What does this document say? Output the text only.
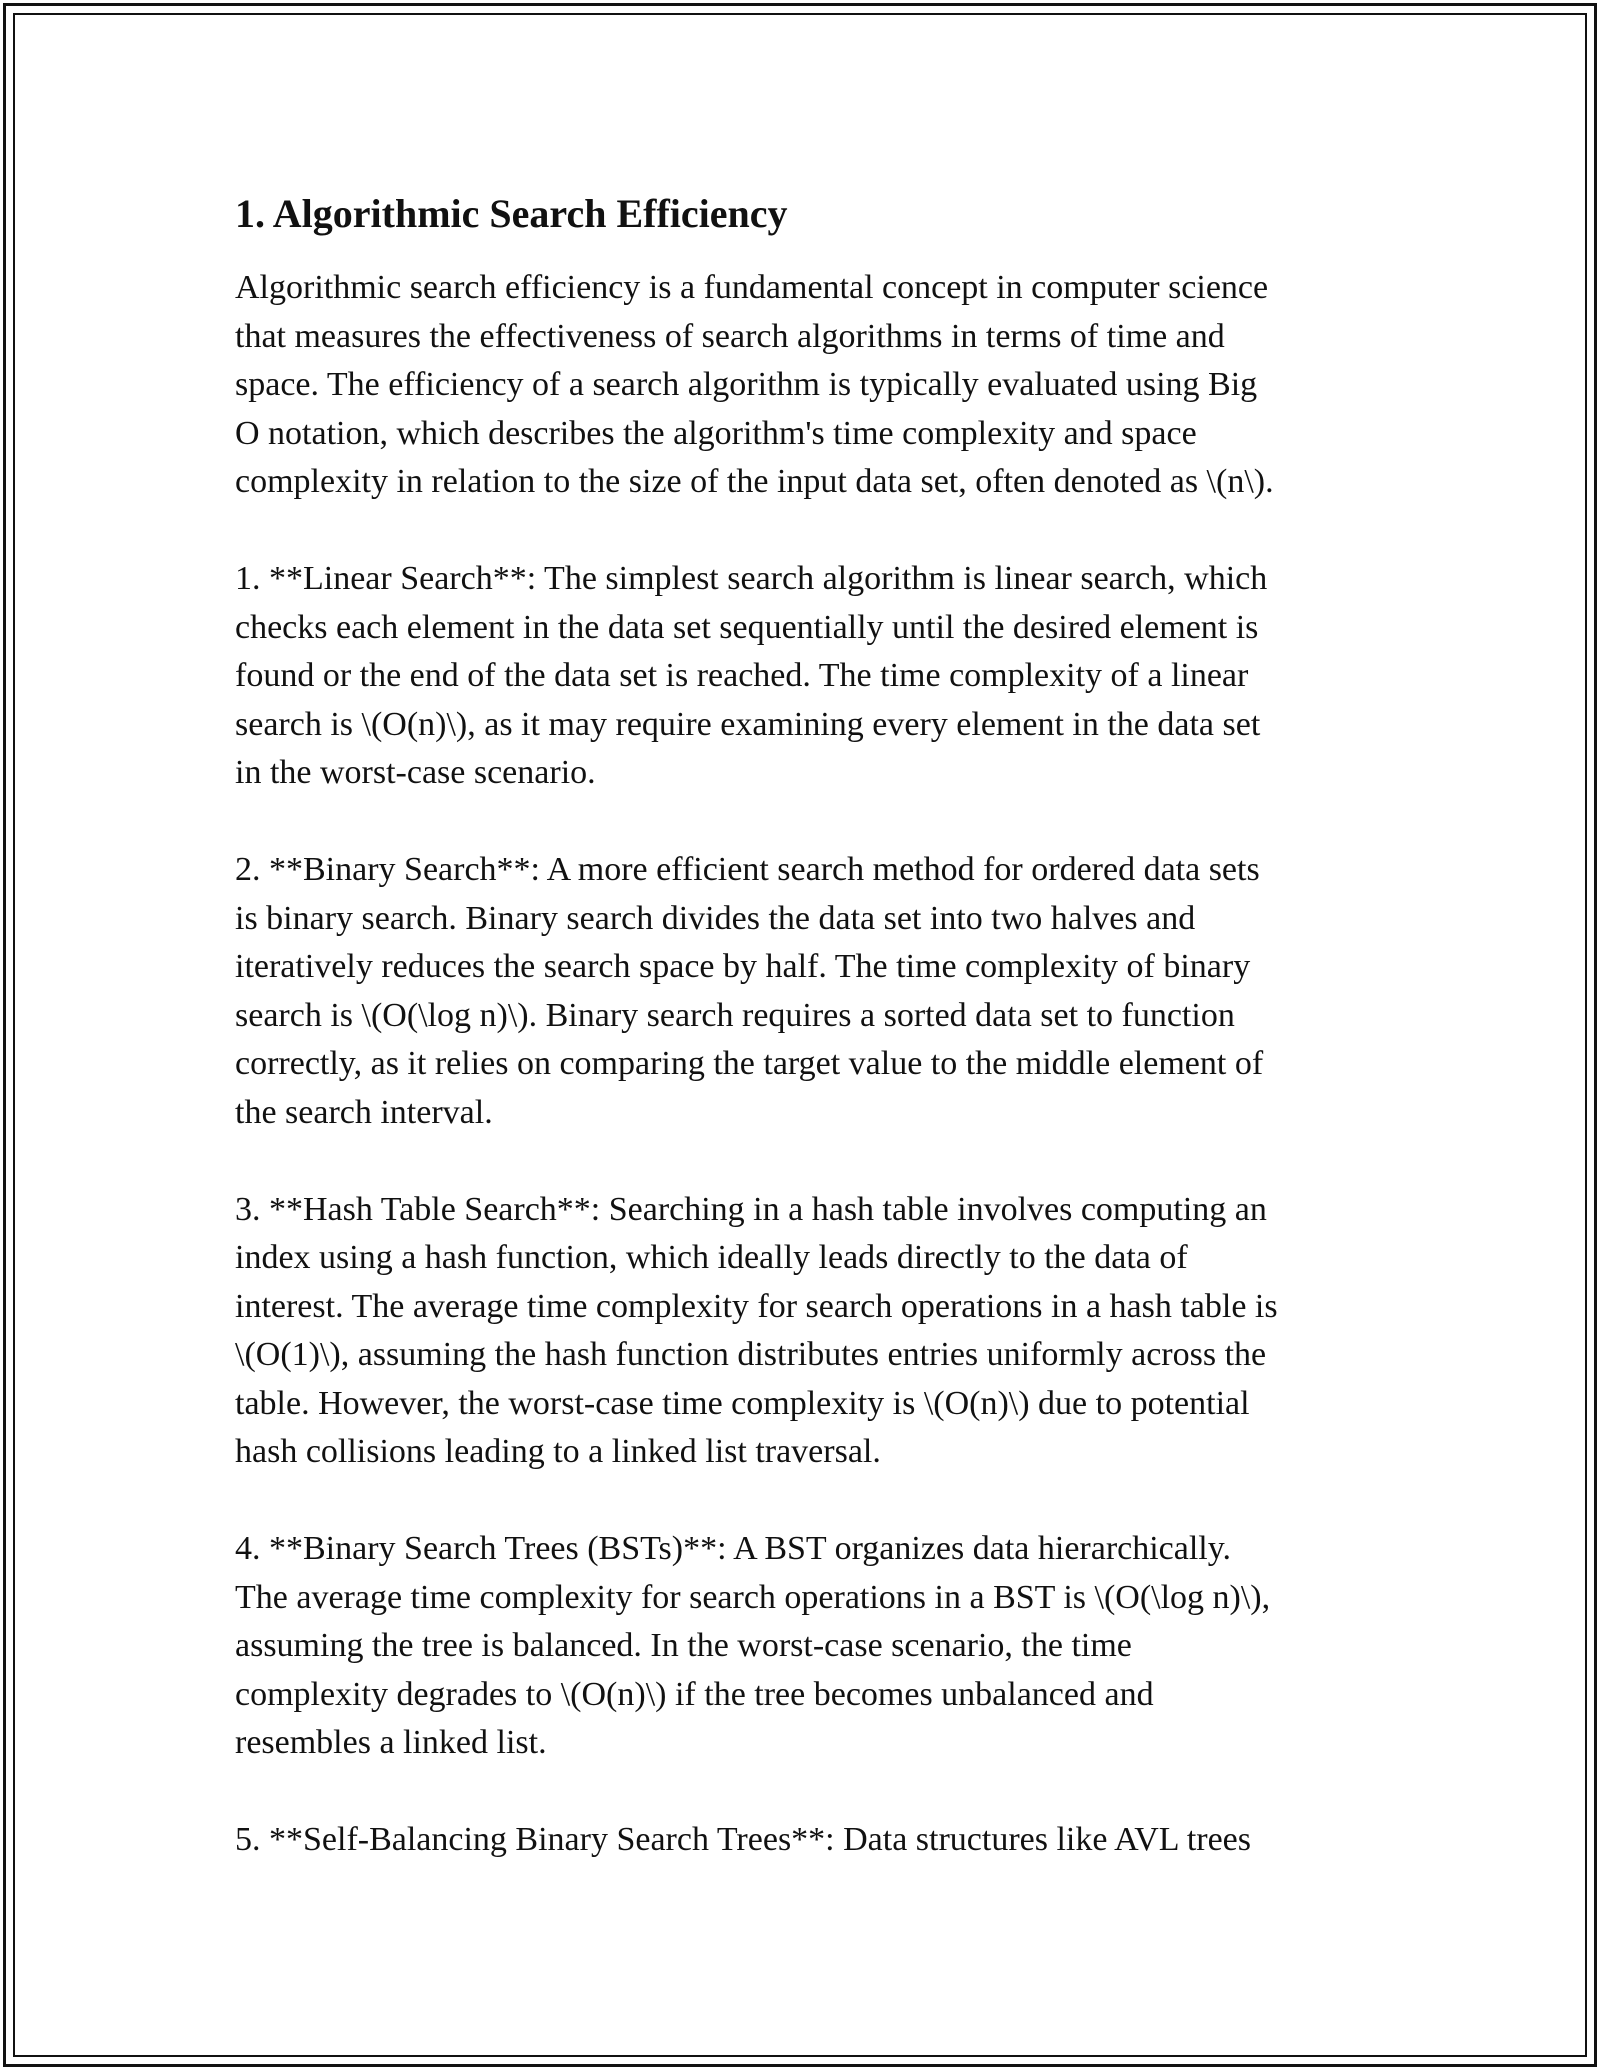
1. Algorithmic Search Efficiency

Algorithmic search efficiency is a fundamental concept in computer science
that measures the effectiveness of search algorithms in terms of time and
space. The efficiency of a search algorithm is typically evaluated using Big
O notation, which describes the algorithm's time complexity and space
complexity in relation to the size of the input data set, often denoted as \(n\).

1. **Linear Search**: The simplest search algorithm is linear search, which
checks each element in the data set sequentially until the desired element is
found or the end of the data set is reached. The time complexity of a linear
search is \(O(n)\), as it may require examining every element in the data set
in the worst-case scenario.

2. **Binary Search**: A more efficient search method for ordered data sets
is binary search. Binary search divides the data set into two halves and
iteratively reduces the search space by half. The time complexity of binary
search is \(O(\log n)\). Binary search requires a sorted data set to function
correctly, as it relies on comparing the target value to the middle element of
the search interval.

3. **Hash Table Search**: Searching in a hash table involves computing an
index using a hash function, which ideally leads directly to the data of
interest. The average time complexity for search operations in a hash table is
\(O(1)\), assuming the hash function distributes entries uniformly across the
table. However, the worst-case time complexity is \(O(n)\) due to potential
hash collisions leading to a linked list traversal.

4. **Binary Search Trees (BSTs)**: A BST organizes data hierarchically.
The average time complexity for search operations in a BST is \(O(\log n)\),
assuming the tree is balanced. In the worst-case scenario, the time
complexity degrades to \(O(n)\) if the tree becomes unbalanced and
resembles a linked list.

5. **Self-Balancing Binary Search Trees**: Data structures like AVL trees
